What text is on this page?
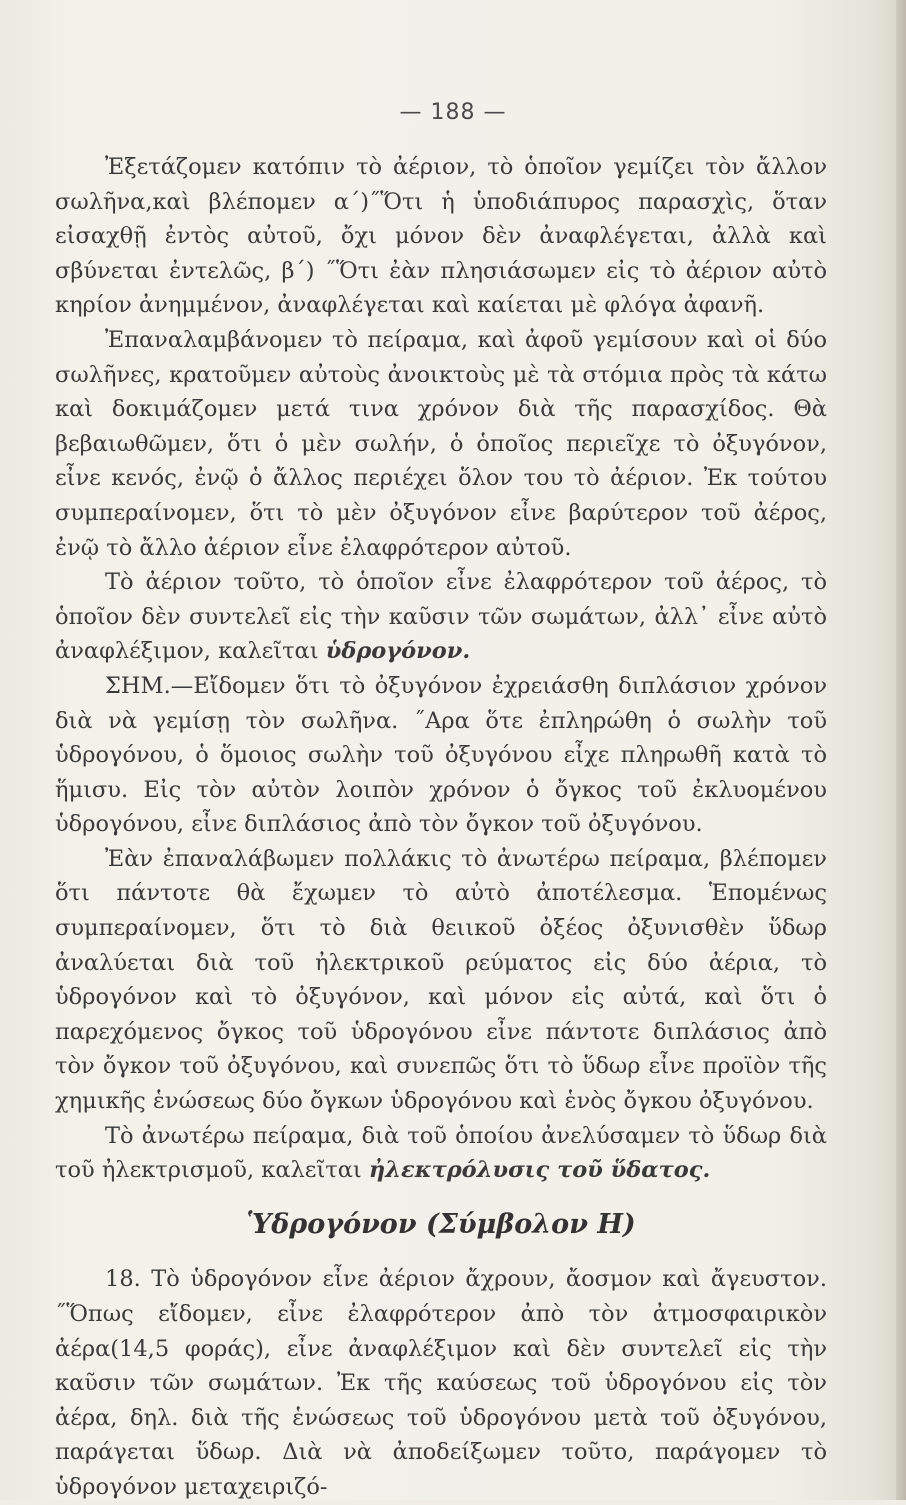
— 188 —

Ἐξετάζομεν κατόπιν τὸ ἀέριον, τὸ ὁποῖον γεμίζει τὸν ἄλλον σωλῆνα,καὶ βλέπομεν α΄)˝Ὅτι ἡ ὑποδιάπυρος παρασχὶς, ὅταν εἰσαχθῇ ἐντὸς αὐτοῦ, ὄχι μόνον δὲν ἀναφλέγεται, ἀλλὰ καὶ σβύνεται ἐντελῶς, β΄) ˝Ὅτι ἐὰν πλησιάσωμεν εἰς τὸ ἀέριον αὐτὸ κηρίον ἀνημμένον, ἀναφλέγεται καὶ καίεται μὲ φλόγα ἀφανῆ.

Ἐπαναλαμβάνομεν τὸ πείραμα, καὶ ἀφοῦ γεμίσουν καὶ οἱ δύο σωλῆνες, κρατοῦμεν αὐτοὺς ἀνοικτοὺς μὲ τὰ στόμια πρὸς τὰ κάτω καὶ δοκιμάζομεν μετά τινα χρόνον διὰ τῆς παρασχίδος. Θὰ βεβαιωθῶμεν, ὅτι ὁ μὲν σωλήν, ὁ ὁποῖος περιεῖχε τὸ ὀξυγόνον, εἶνε κενός, ἐνῷ ὁ ἄλλος περιέχει ὅλον του τὸ ἀέριον. Ἐκ τούτου συμπεραίνομεν, ὅτι τὸ μὲν ὀξυγόνον εἶνε βαρύτερον τοῦ ἀέρος, ἐνῷ τὸ ἄλλο ἀέριον εἶνε ἐλαφρότερον αὐτοῦ.

Τὸ ἀέριον τοῦτο, τὸ ὁποῖον εἶνε ἐλαφρότερον τοῦ ἀέρος, τὸ ὁποῖον δὲν συντελεῖ εἰς τὴν καῦσιν τῶν σωμάτων, ἀλλ᾽ εἶνε αὐτὸ ἀναφλέξιμον, καλεῖται ὑδρογόνον.

ΣΗΜ.—Εἴδομεν ὅτι τὸ ὀξυγόνον ἐχρειάσθη διπλάσιον χρόνον διὰ νὰ γεμίσῃ τὸν σωλῆνα. ˝Αρα ὅτε ἐπληρώθη ὁ σωλὴν τοῦ ὑδρογόνου, ὁ ὅμοιος σωλὴν τοῦ ὀξυγόνου εἶχε πληρωθῆ κατὰ τὸ ἥμισυ. Εἰς τὸν αὐτὸν λοιπὸν χρόνον ὁ ὄγκος τοῦ ἐκλυομένου ὑδρογόνου, εἶνε διπλάσιος ἀπὸ τὸν ὄγκον τοῦ ὀξυγόνου.

Ἐὰν ἐπαναλάβωμεν πολλάκις τὸ ἀνωτέρω πείραμα, βλέπομεν ὅτι πάντοτε θὰ ἔχωμεν τὸ αὐτὸ ἀποτέλεσμα. Ἑπομένως συμπεραίνομεν, ὅτι τὸ διὰ θειικοῦ ὀξέος ὀξυνισθὲν ὕδωρ ἀναλύεται διὰ τοῦ ἠλεκτρικοῦ ρεύματος εἰς δύο ἀέρια, τὸ ὑδρογόνον καὶ τὸ ὀξυγόνον, καὶ μόνον εἰς αὐτά, καὶ ὅτι ὁ παρεχόμενος ὄγκος τοῦ ὑδρογόνου εἶνε πάντοτε διπλάσιος ἀπὸ τὸν ὄγκον τοῦ ὀξυγόνου, καὶ συνεπῶς ὅτι τὸ ὕδωρ εἶνε προϊὸν τῆς χημικῆς ἑνώσεως δύο ὄγκων ὑδρογόνου καὶ ἑνὸς ὄγκου ὀξυγόνου.

Τὸ ἀνωτέρω πείραμα, διὰ τοῦ ὁποίου ἀνελύσαμεν τὸ ὕδωρ διὰ τοῦ ἠλεκτρισμοῦ, καλεῖται ἠλεκτρόλυσις τοῦ ὕδατος.

Ὑδρογόνον (Σύμβολον H)

18. Τὸ ὑδρογόνον εἶνε ἀέριον ἄχρουν, ἄοσμον καὶ ἄγευστον. ˝Ὅπως εἴδομεν, εἶνε ἐλαφρότερον ἀπὸ τὸν ἀτμοσφαιρικὸν ἀέρα(14,5 φοράς), εἶνε ἀναφλέξιμον καὶ δὲν συντελεῖ εἰς τὴν καῦσιν τῶν σωμάτων. Ἐκ τῆς καύσεως τοῦ ὑδρογόνου εἰς τὸν ἀέρα, δηλ. διὰ τῆς ἑνώσεως τοῦ ὑδρογόνου μετὰ τοῦ ὀξυγόνου, παράγεται ὕδωρ. Διὰ νὰ ἀποδείξωμεν τοῦτο, παράγομεν τὸ ὑδρογόνον μεταχειριζό-
